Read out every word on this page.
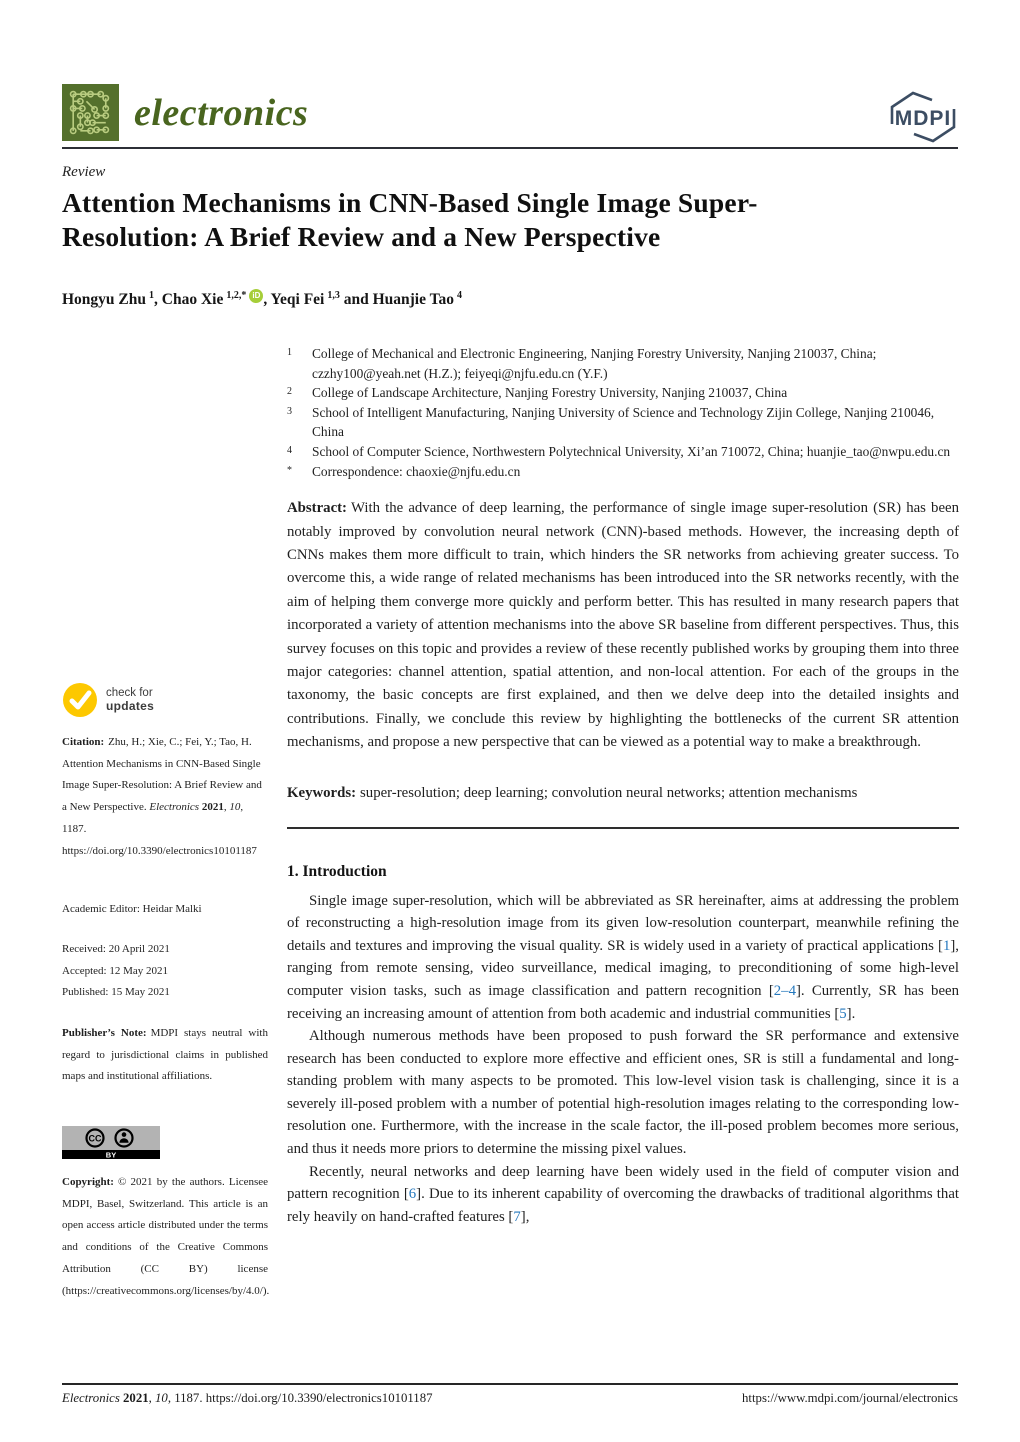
electronics	MDPI
Review
Attention Mechanisms in CNN-Based Single Image Super-Resolution: A Brief Review and a New Perspective
Hongyu Zhu $^1$, Chao Xie $^{1,2,*}$ iD , Yeqi Fei $^{1,3}$ and Huanjie Tao $^4$
1	College of Mechanical and Electronic Engineering, Nanjing Forestry University, Nanjing 210037, China; czzhy100@yeah.net (H.Z.); feiyeqi@njfu.edu.cn (Y.F.)
2	College of Landscape Architecture, Nanjing Forestry University, Nanjing 210037, China
3	School of Intelligent Manufacturing, Nanjing University of Science and Technology Zijin College, Nanjing 210046, China
4	School of Computer Science, Northwestern Polytechnical University, Xi’an 710072, China; huanjie_tao@nwpu.edu.cn
*	Correspondence: chaoxie@njfu.edu.cn

Abstract: With the advance of deep learning, the performance of single image super-resolution (SR) has been notably improved by convolution neural network (CNN)-based methods. However, the increasing depth of CNNs makes them more difficult to train, which hinders the SR networks from achieving greater success. To overcome this, a wide range of related mechanisms has been introduced into the SR networks recently, with the aim of helping them converge more quickly and perform better. This has resulted in many research papers that incorporated a variety of attention mechanisms into the above SR baseline from different perspectives. Thus, this survey focuses on this topic and provides a review of these recently published works by grouping them into three major categories: channel attention, spatial attention, and non-local attention. For each of the groups in the taxonomy, the basic concepts are first explained, and then we delve deep into the detailed insights and contributions. Finally, we conclude this review by highlighting the bottlenecks of the current SR attention mechanisms, and propose a new perspective that can be viewed as a potential way to make a breakthrough.

Keywords: super-resolution; deep learning; convolution neural networks; attention mechanisms

1. Introduction

Single image super-resolution, which will be abbreviated as SR hereinafter, aims at addressing the problem of reconstructing a high-resolution image from its given low-resolution counterpart, meanwhile refining the details and textures and improving the visual quality. SR is widely used in a variety of practical applications [1], ranging from remote sensing, video surveillance, medical imaging, to preconditioning of some high-level computer vision tasks, such as image classification and pattern recognition [2–4]. Currently, SR has been receiving an increasing amount of attention from both academic and industrial communities [5].

Although numerous methods have been proposed to push forward the SR performance and extensive research has been conducted to explore more effective and efficient ones, SR is still a fundamental and long-standing problem with many aspects to be promoted. This low-level vision task is challenging, since it is a severely ill-posed problem with a number of potential high-resolution images relating to the corresponding low-resolution one. Furthermore, with the increase in the scale factor, the ill-posed problem becomes more serious, and thus it needs more priors to determine the missing pixel values.

Recently, neural networks and deep learning have been widely used in the field of computer vision and pattern recognition [6]. Due to its inherent capability of overcoming the drawbacks of traditional algorithms that rely heavily on hand-crafted features [7],

check for
updates
Citation: Zhu, H.; Xie, C.; Fei, Y.; Tao, H. Attention Mechanisms in CNN-Based Single Image Super-Resolution: A Brief Review and a New Perspective. Electronics 2021, 10, 1187. https://doi.org/10.3390/electronics10101187
Academic Editor: Heidar Malki
Received: 20 April 2021
Accepted: 12 May 2021
Published: 15 May 2021
Publisher’s Note: MDPI stays neutral with regard to jurisdictional claims in published maps and institutional affiliations.
CC
BY
Copyright: © 2021 by the authors. Licensee MDPI, Basel, Switzerland. This article is an open access article distributed under the terms and conditions of the Creative Commons Attribution (CC BY) license (https://creativecommons.org/licenses/by/4.0/).
Electronics 2021, 10, 1187. https://doi.org/10.3390/electronics10101187	https://www.mdpi.com/journal/electronics
